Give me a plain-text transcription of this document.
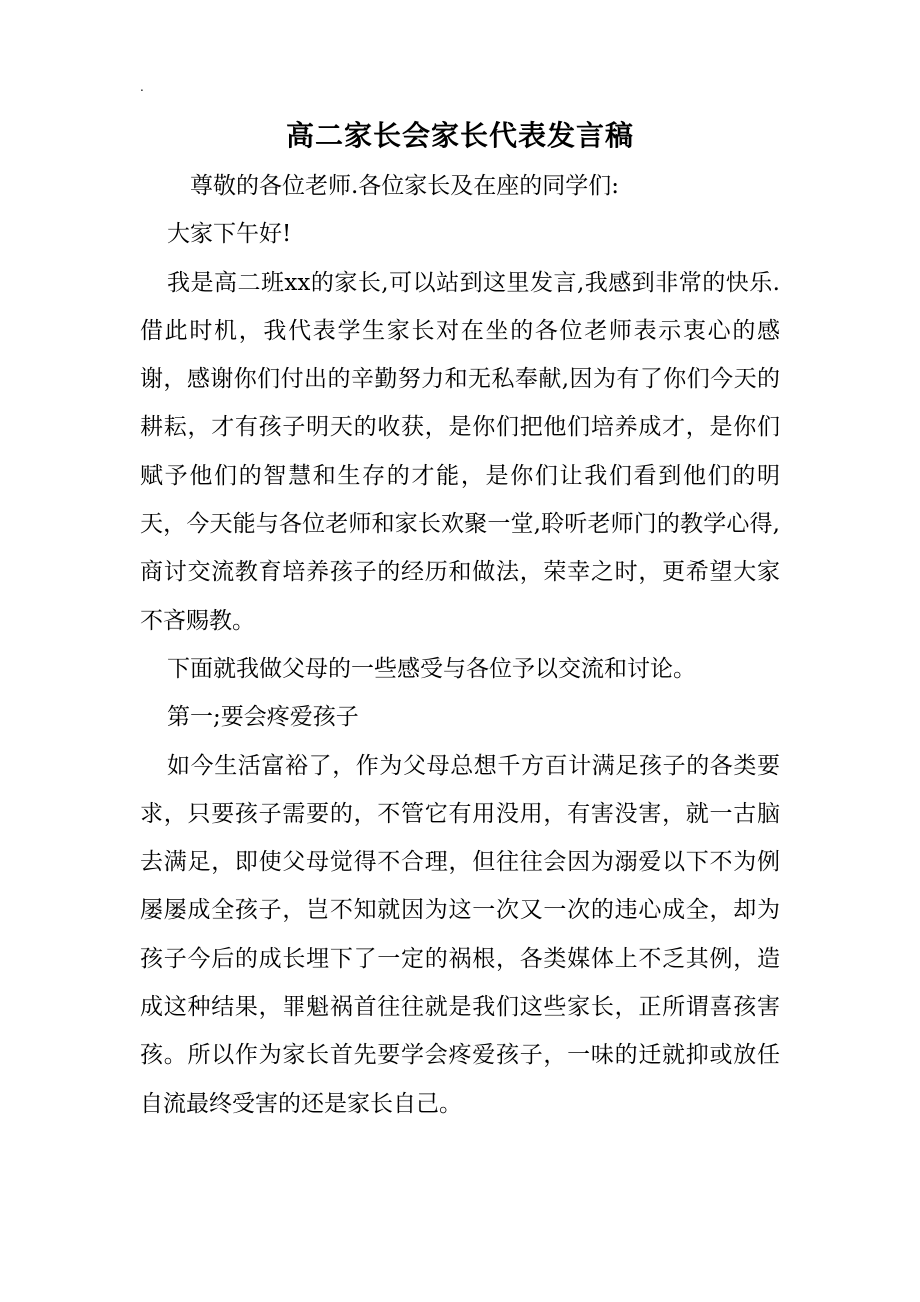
.
高二家长会家长代表发言稿

尊敬的各位老师.各位家长及在座的同学们:

大家下午好!

我是高二班xx的家长,可以站到这里发言,我感到非常的快乐.借此时机，我代表学生家长对在坐的各位老师表示衷心的感谢，感谢你们付出的辛勤努力和无私奉献,因为有了你们今天的耕耘，才有孩子明天的收获，是你们把他们培养成才，是你们赋予他们的智慧和生存的才能，是你们让我们看到他们的明天，今天能与各位老师和家长欢聚一堂,聆听老师门的教学心得,商讨交流教育培养孩子的经历和做法，荣幸之时，更希望大家不吝赐教。

下面就我做父母的一些感受与各位予以交流和讨论。

第一;要会疼爱孩子

如今生活富裕了，作为父母总想千方百计满足孩子的各类要求，只要孩子需要的，不管它有用没用，有害没害，就一古脑去满足，即使父母觉得不合理，但往往会因为溺爱以下不为例屡屡成全孩子，岂不知就因为这一次又一次的违心成全，却为孩子今后的成长埋下了一定的祸根，各类媒体上不乏其例，造成这种结果，罪魁祸首往往就是我们这些家长，正所谓喜孩害孩。所以作为家长首先要学会疼爱孩子，一味的迁就抑或放任自流最终受害的还是家长自己。
